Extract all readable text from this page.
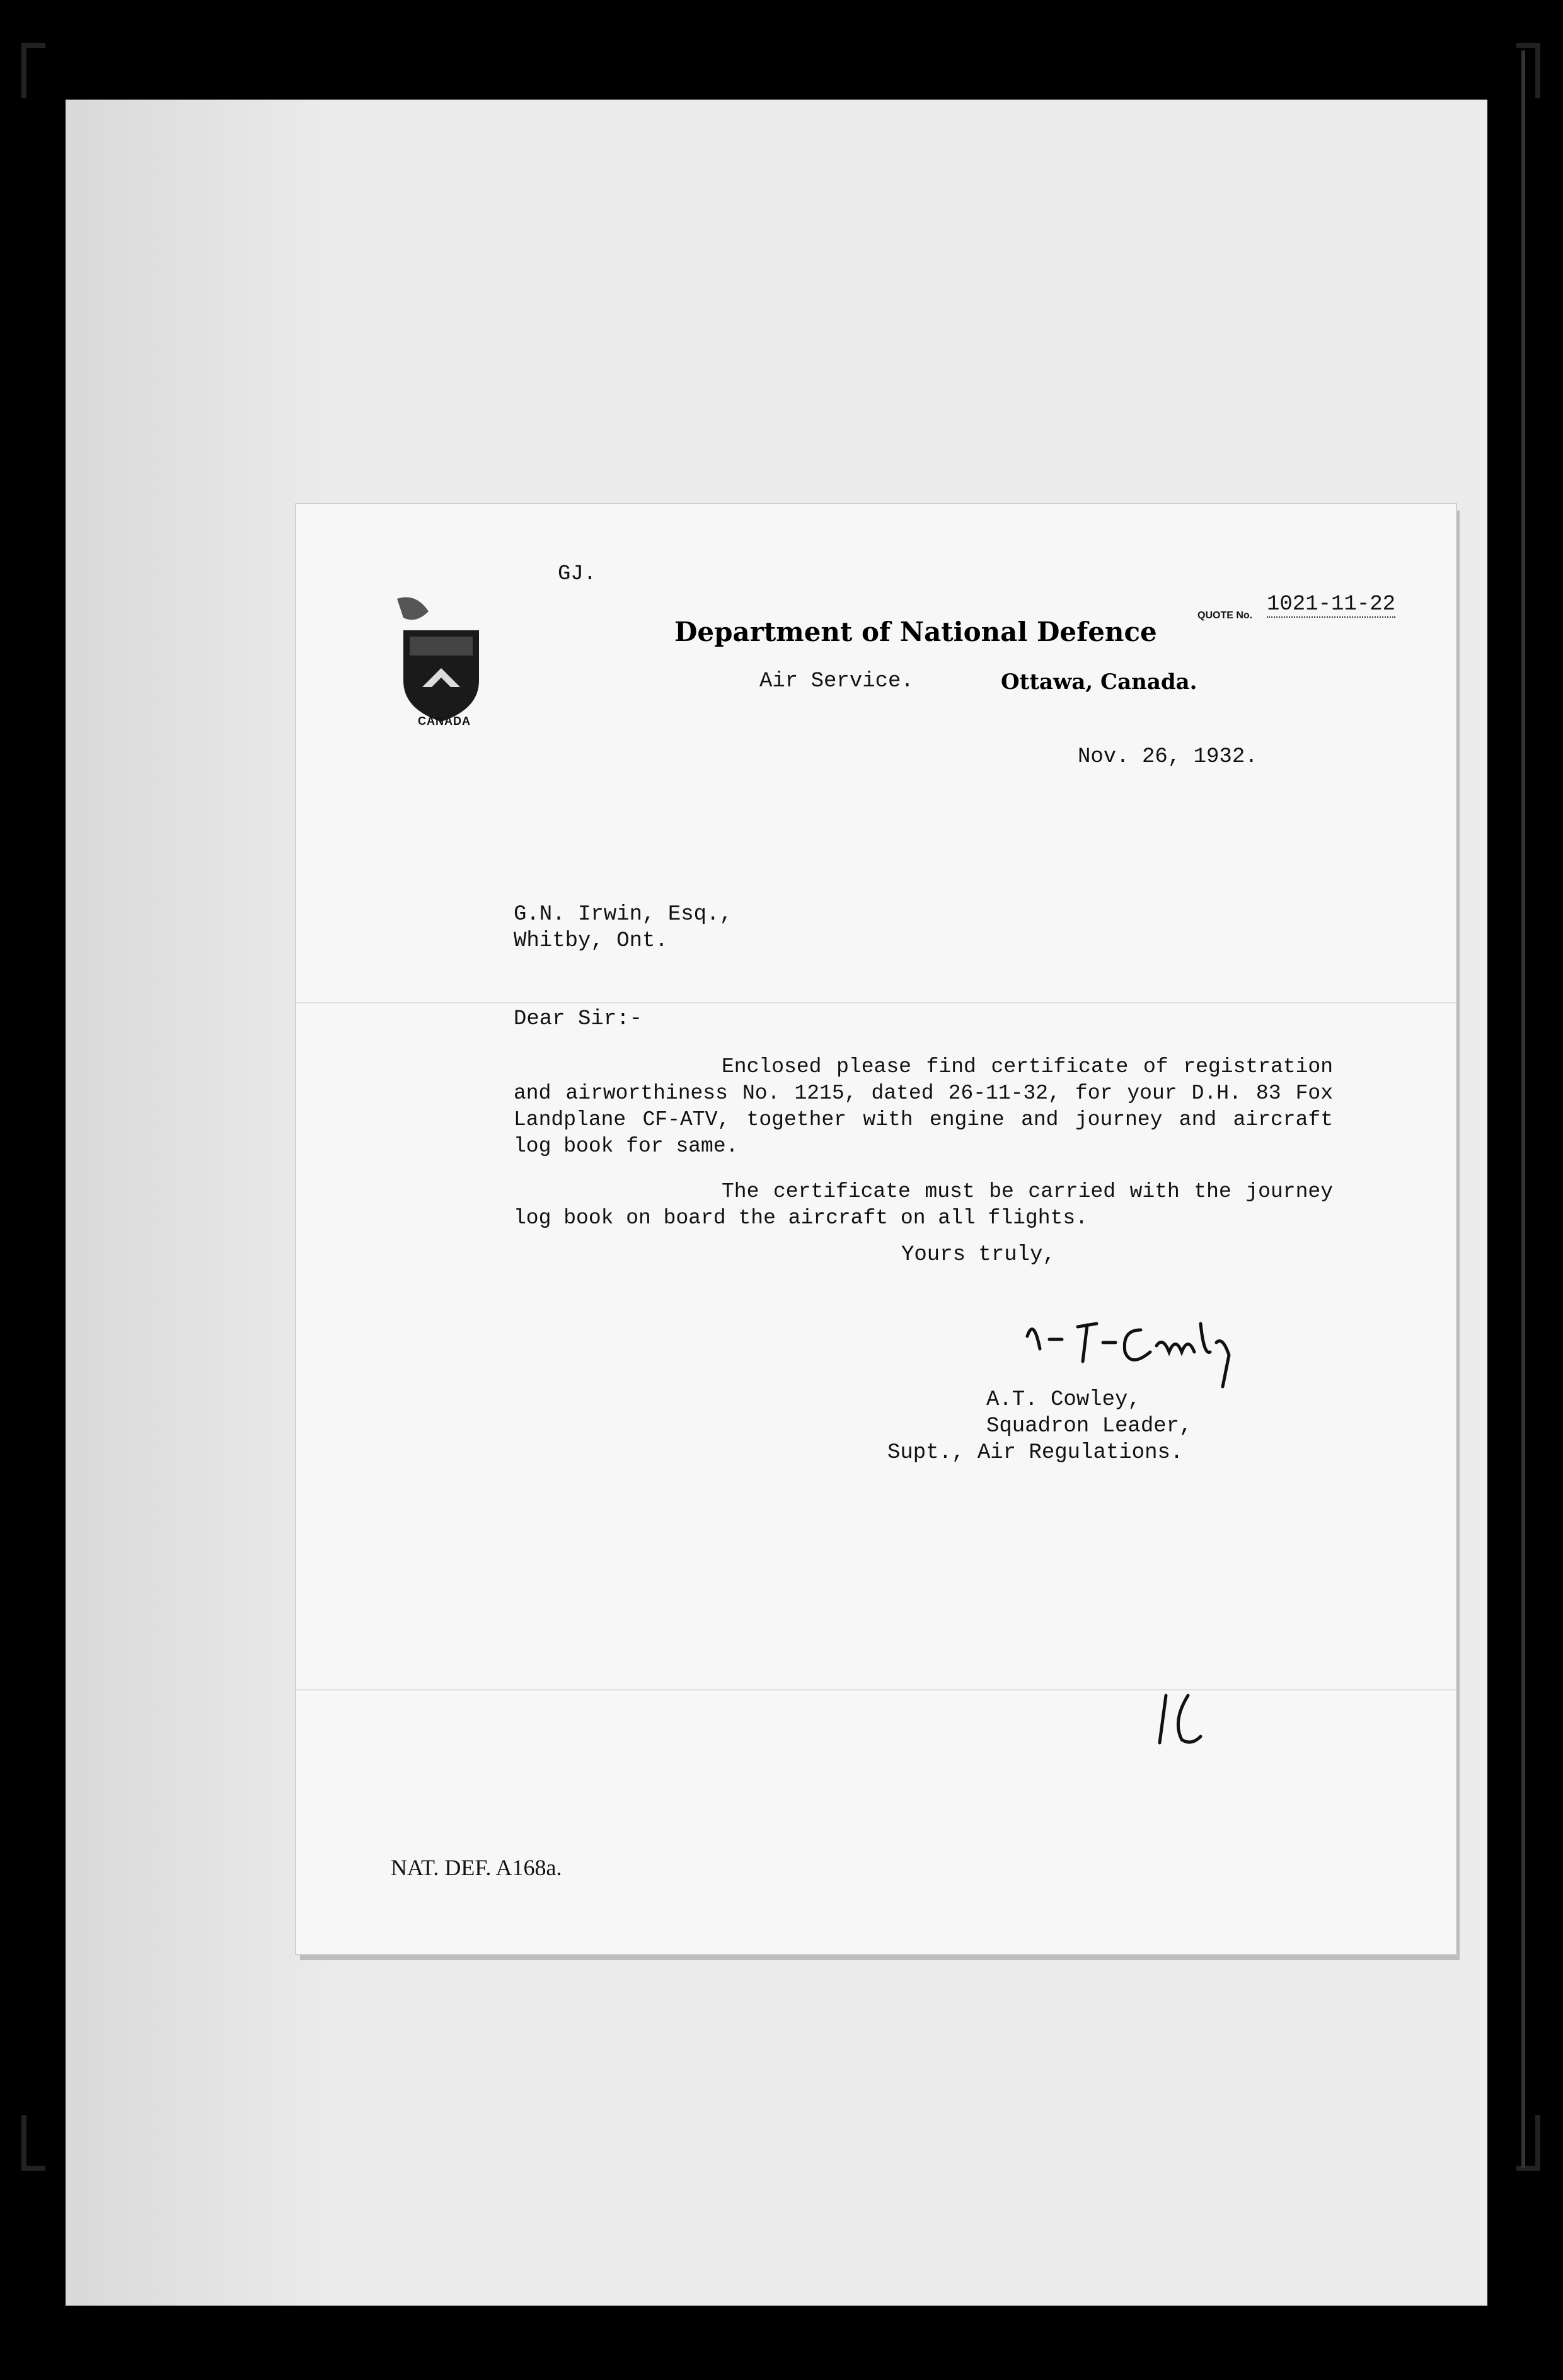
CANADA
GJ.
Department of National Defence
Air Service.	Ottawa, Canada.
QUOTE No. 1021-11-22
Nov. 26, 1932.
G.N. Irwin, Esq.,
Whitby, Ont.
Dear Sir:-
Enclosed please find certificate of registration and airworthiness No. 1215, dated 26-11-32, for your D.H. 83 Fox Landplane CF-ATV, together with engine and journey and aircraft log book for same.
The certificate must be carried with the journey log book on board the aircraft on all flights.
Yours truly,
A.T. Cowley,
Squadron Leader,
Supt., Air Regulations.
NAT. DEF. A168a.
